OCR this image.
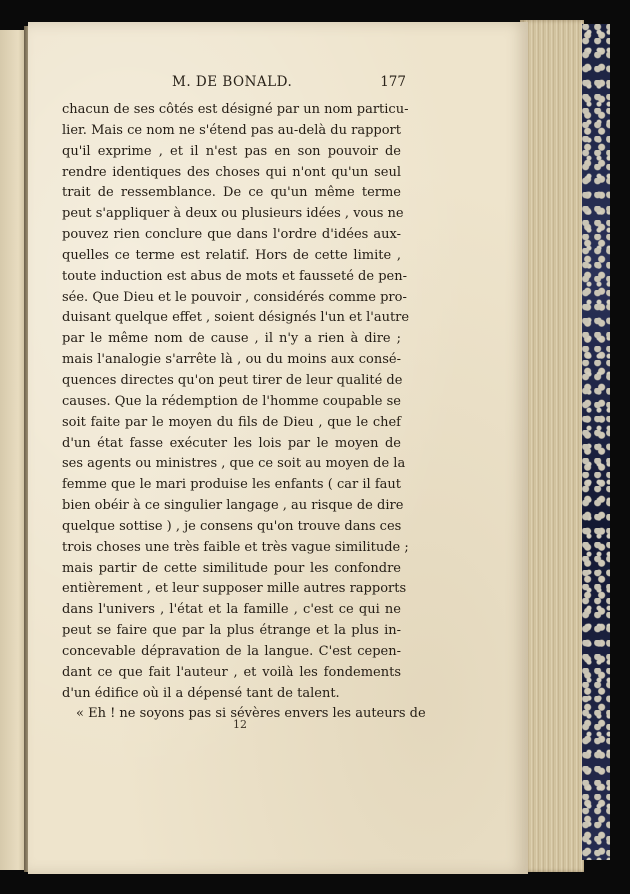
M. DE BONALD.	177
chacun de ses côtés est désigné par un nom particu-
lier. Mais ce nom ne s'étend pas au-delà du rapport
qu'il exprime , et il n'est pas en son pouvoir de
rendre identiques des choses qui n'ont qu'un seul
trait de ressemblance. De ce qu'un même terme
peut s'appliquer à deux ou plusieurs idées , vous ne
pouvez rien conclure que dans l'ordre d'idées aux-
quelles ce terme est relatif. Hors de cette limite ,
toute induction est abus de mots et fausseté de pen-
sée. Que Dieu et le pouvoir , considérés comme pro-
duisant quelque effet , soient désignés l'un et l'autre
par le même nom de cause , il n'y a rien à dire ;
mais l'analogie s'arrête là , ou du moins aux consé-
quences directes qu'on peut tirer de leur qualité de
causes. Que la rédemption de l'homme coupable se
soit faite par le moyen du fils de Dieu , que le chef
d'un état fasse exécuter les lois par le moyen de
ses agents ou ministres , que ce soit au moyen de la
femme que le mari produise les enfants ( car il faut
bien obéir à ce singulier langage , au risque de dire
quelque sottise ) , je consens qu'on trouve dans ces
trois choses une très faible et très vague similitude ;
mais partir de cette similitude pour les confondre
entièrement , et leur supposer mille autres rapports
dans l'univers , l'état et la famille , c'est ce qui ne
peut se faire que par la plus étrange et la plus in-
concevable dépravation de la langue. C'est cepen-
dant ce que fait l'auteur , et voilà les fondements
d'un édifice où il a dépensé tant de talent.
« Eh ! ne soyons pas si sévères envers les auteurs de
12
